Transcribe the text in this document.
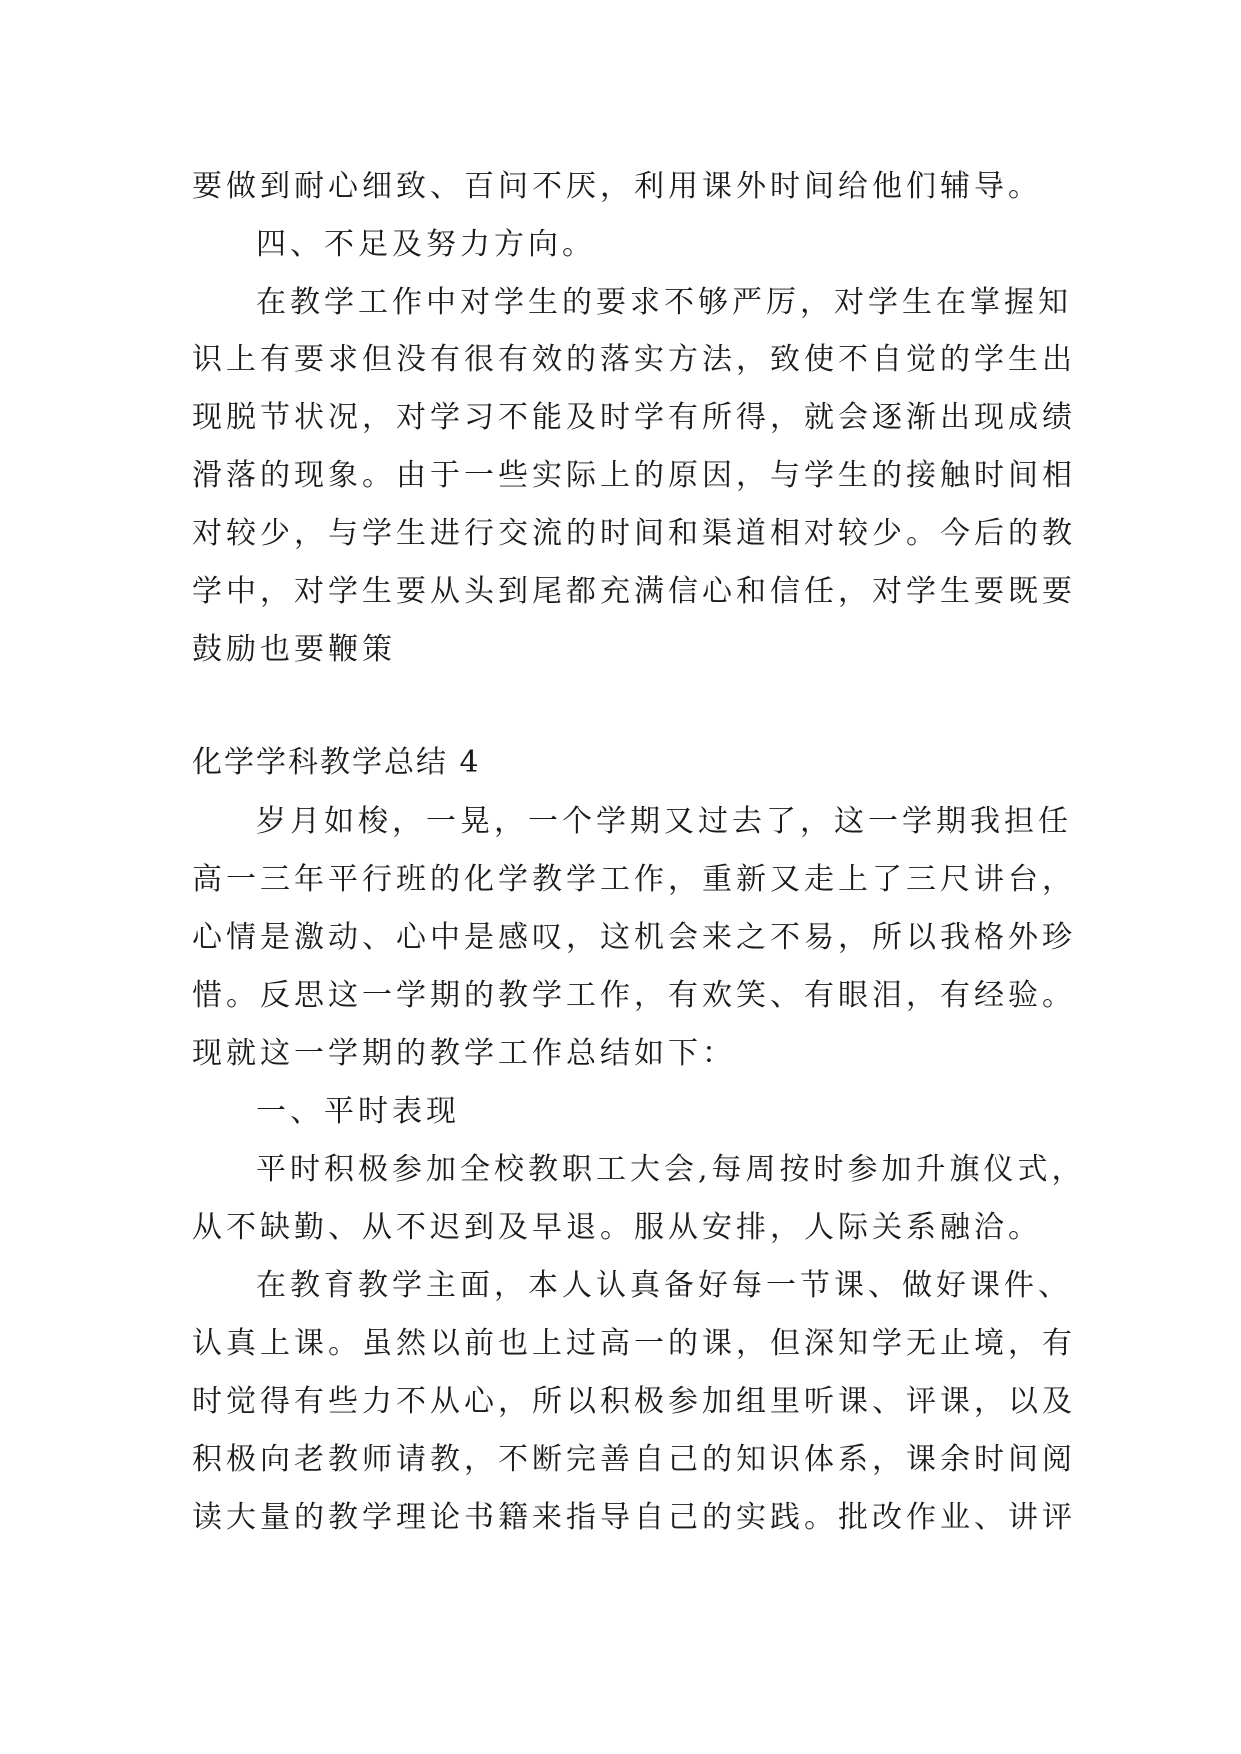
要做到耐心细致、百问不厌，利用课外时间给他们辅导。
四、不足及努力方向。
在教学工作中对学生的要求不够严厉，对学生在掌握知
识上有要求但没有很有效的落实方法，致使不自觉的学生出
现脱节状况，对学习不能及时学有所得，就会逐渐出现成绩
滑落的现象。由于一些实际上的原因，与学生的接触时间相
对较少，与学生进行交流的时间和渠道相对较少。今后的教
学中，对学生要从头到尾都充满信心和信任，对学生要既要
鼓励也要鞭策
化学学科教学总结 4
岁月如梭，一晃，一个学期又过去了，这一学期我担任
高一三年平行班的化学教学工作，重新又走上了三尺讲台，
心情是激动、心中是感叹，这机会来之不易，所以我格外珍
惜。反思这一学期的教学工作，有欢笑、有眼泪，有经验。
现就这一学期的教学工作总结如下：
一、平时表现
平时积极参加全校教职工大会,每周按时参加升旗仪式，
从不缺勤、从不迟到及早退。服从安排，人际关系融洽。
在教育教学主面，本人认真备好每一节课、做好课件、
认真上课。虽然以前也上过高一的课，但深知学无止境，有
时觉得有些力不从心，所以积极参加组里听课、评课，以及
积极向老教师请教，不断完善自己的知识体系，课余时间阅
读大量的教学理论书籍来指导自己的实践。批改作业、讲评
